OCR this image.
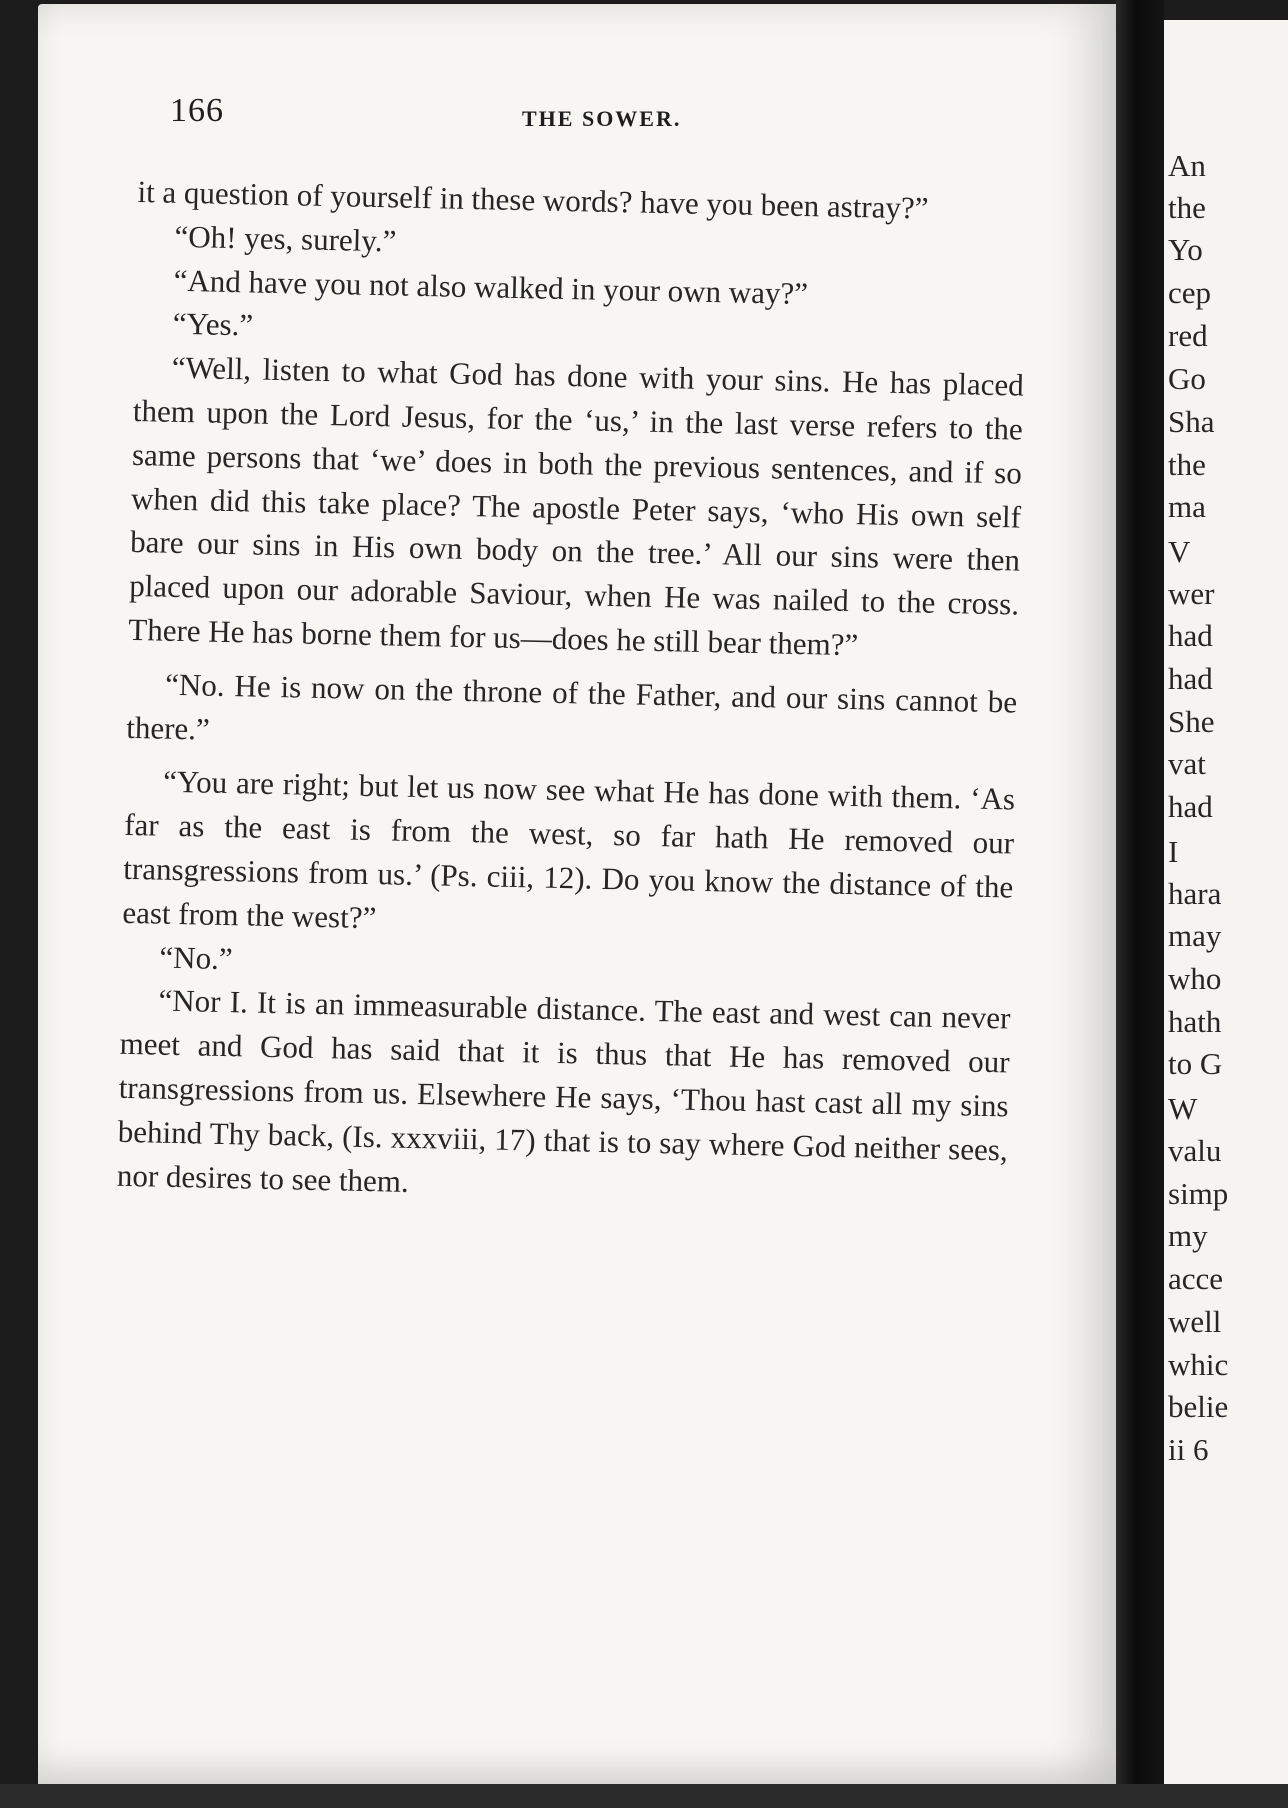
An
the
Yo
cep
red
Go
Sha
the
ma
V
wer
had
had
She
vat
had
I
hara
may
who
hath
to G
W
valu
simp
my
acce
well
whic
belie
ii 6
166	THE SOWER.

it a question of yourself in these words? have you been astray?”

“Oh! yes, surely.”

“And have you not also walked in your own way?”

“Yes.”

“Well, listen to what God has done with your sins. He has placed them upon the Lord Jesus, for the ‘us,’ in the last verse refers to the same persons that ‘we’ does in both the previous sentences, and if so when did this take place? The apostle Peter says, ‘who His own self bare our sins in His own body on the tree.’ All our sins were then placed upon our adorable Saviour, when He was nailed to the cross. There He has borne them for us—does he still bear them?”

“No. He is now on the throne of the Father, and our sins cannot be there.”

“You are right; but let us now see what He has done with them. ‘As far as the east is from the west, so far hath He removed our transgressions from us.’ (Ps. ciii, 12). Do you know the distance of the east from the west?”

“No.”

“Nor I. It is an immeasurable distance. The east and west can never meet and God has said that it is thus that He has removed our transgressions from us. Elsewhere He says, ‘Thou hast cast all my sins behind Thy back, (Is. xxxviii, 17) that is to say where God neither sees, nor desires to see them.
